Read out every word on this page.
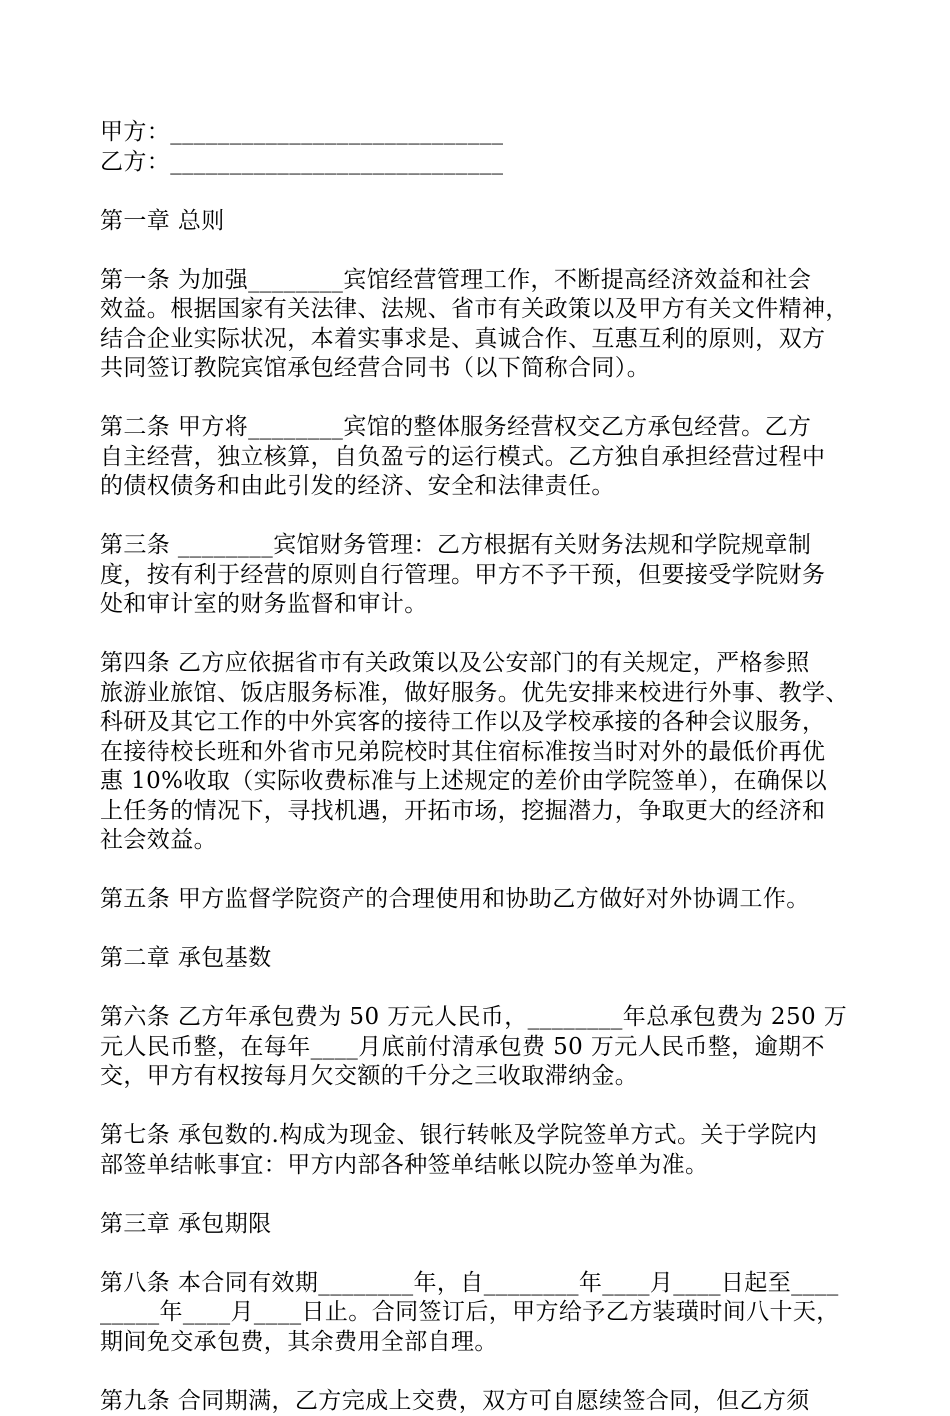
甲方：____________________________
乙方：____________________________
第一章 总则
第一条 为加强________宾馆经营管理工作，不断提高经济效益和社会
效益。根据国家有关法律、法规、省市有关政策以及甲方有关文件精神，
结合企业实际状况，本着实事求是、真诚合作、互惠互利的原则，双方
共同签订教院宾馆承包经营合同书（以下简称合同）。
第二条 甲方将________宾馆的整体服务经营权交乙方承包经营。乙方
自主经营，独立核算，自负盈亏的运行模式。乙方独自承担经营过程中
的债权债务和由此引发的经济、安全和法律责任。
第三条 ________宾馆财务管理：乙方根据有关财务法规和学院规章制
度，按有利于经营的原则自行管理。甲方不予干预，但要接受学院财务
处和审计室的财务监督和审计。
第四条 乙方应依据省市有关政策以及公安部门的有关规定，严格参照
旅游业旅馆、饭店服务标准，做好服务。优先安排来校进行外事、教学、
科研及其它工作的中外宾客的接待工作以及学校承接的各种会议服务，
在接待校长班和外省市兄弟院校时其住宿标准按当时对外的最低价再优
惠 10%收取（实际收费标准与上述规定的差价由学院签单），在确保以
上任务的情况下，寻找机遇，开拓市场，挖掘潜力，争取更大的经济和
社会效益。
第五条 甲方监督学院资产的合理使用和协助乙方做好对外协调工作。
第二章 承包基数
第六条 乙方年承包费为 50 万元人民币，________年总承包费为 250 万
元人民币整，在每年____月底前付清承包费 50 万元人民币整，逾期不
交，甲方有权按每月欠交额的千分之三收取滞纳金。
第七条 承包数的.构成为现金、银行转帐及学院签单方式。关于学院内
部签单结帐事宜：甲方内部各种签单结帐以院办签单为准。
第三章 承包期限
第八条 本合同有效期________年，自________年____月____日起至____
_____年____月____日止。合同签订后，甲方给予乙方装璜时间八十天，
期间免交承包费，其余费用全部自理。
第九条 合同期满，乙方完成上交费，双方可自愿续签合同，但乙方须
